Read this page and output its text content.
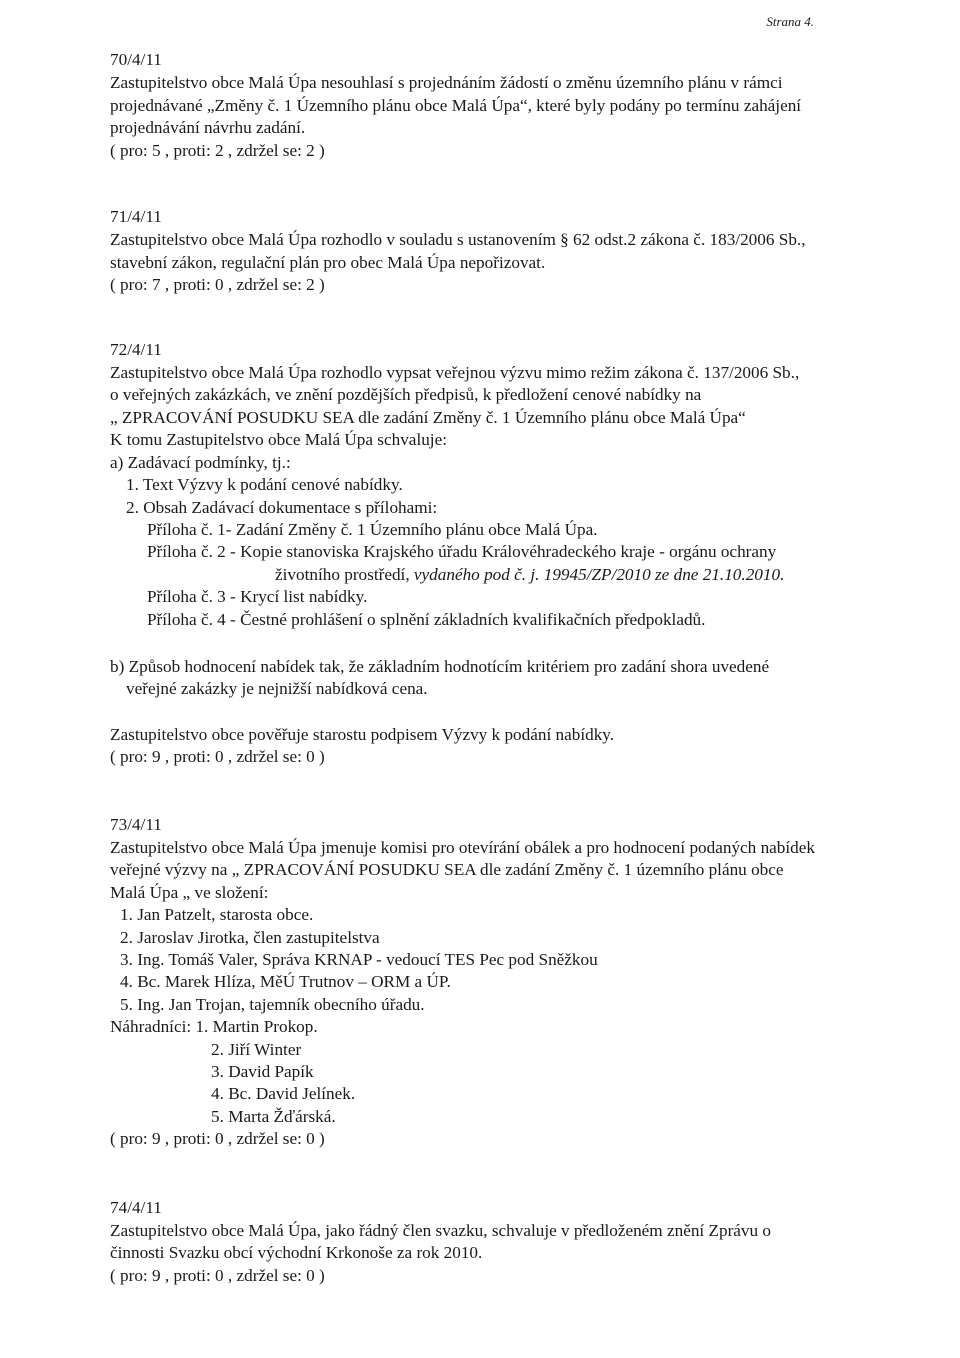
Strana 4.
70/4/11
Zastupitelstvo obce Malá Úpa nesouhlasí s projednáním žádostí o změnu územního plánu v rámci
projednávané „Změny č. 1 Územního plánu obce Malá Úpa“, které byly podány po termínu zahájení
projednávání návrhu zadání.
( pro: 5 , proti: 2 , zdržel se: 2 )
71/4/11
Zastupitelstvo obce Malá Úpa rozhodlo v souladu s ustanovením § 62 odst.2 zákona č. 183/2006 Sb.,
stavební zákon, regulační plán pro obec Malá Úpa nepořizovat.
( pro: 7 , proti: 0 , zdržel se: 2 )
72/4/11
Zastupitelstvo obce Malá Úpa rozhodlo vypsat veřejnou výzvu mimo režim zákona č. 137/2006 Sb.,
o veřejných zakázkách, ve znění pozdějších předpisů, k předložení cenové nabídky na
„ ZPRACOVÁNÍ POSUDKU SEA dle zadání Změny č. 1 Územního plánu obce Malá Úpa“
K tomu Zastupitelstvo obce Malá Úpa schvaluje:
a) Zadávací podmínky, tj.:
1. Text Výzvy k podání cenové nabídky.
2. Obsah Zadávací dokumentace s přílohami:
Příloha č. 1- Zadání Změny č. 1 Územního plánu obce Malá Úpa.
Příloha č. 2 - Kopie stanoviska Krajského úřadu Královéhradeckého kraje - orgánu ochrany
životního prostředí, vydaného pod č. j. 19945/ZP/2010 ze dne 21.10.2010.
Příloha č. 3 - Krycí list nabídky.
Příloha č. 4 - Čestné prohlášení o splnění základních kvalifikačních předpokladů.
b) Způsob hodnocení nabídek tak, že základním hodnotícím kritériem pro zadání shora uvedené
veřejné zakázky je nejnižší nabídková cena.
Zastupitelstvo obce pověřuje starostu podpisem Výzvy k podání nabídky.
( pro: 9 , proti: 0 , zdržel se: 0 )
73/4/11
Zastupitelstvo obce Malá Úpa jmenuje komisi pro otevírání obálek a pro hodnocení podaných nabídek
veřejné výzvy na „ ZPRACOVÁNÍ POSUDKU SEA dle zadání Změny č. 1 územního plánu obce
Malá Úpa „ ve složení:
1. Jan Patzelt, starosta obce.
2. Jaroslav Jirotka, člen zastupitelstva
3. Ing. Tomáš Valer, Správa KRNAP - vedoucí TES Pec pod Sněžkou
4. Bc. Marek Hlíza, MěÚ Trutnov – ORM a ÚP.
5. Ing. Jan Trojan, tajemník obecního úřadu.
Náhradníci: 1. Martin Prokop.
2. Jiří Winter
3. David Papík
4. Bc. David Jelínek.
5. Marta Žďárská.
( pro: 9 , proti: 0 , zdržel se: 0 )
74/4/11
Zastupitelstvo obce Malá Úpa, jako řádný člen svazku, schvaluje v předloženém znění Zprávu o
činnosti Svazku obcí východní Krkonoše za rok 2010.
( pro: 9 , proti: 0 , zdržel se: 0 )
